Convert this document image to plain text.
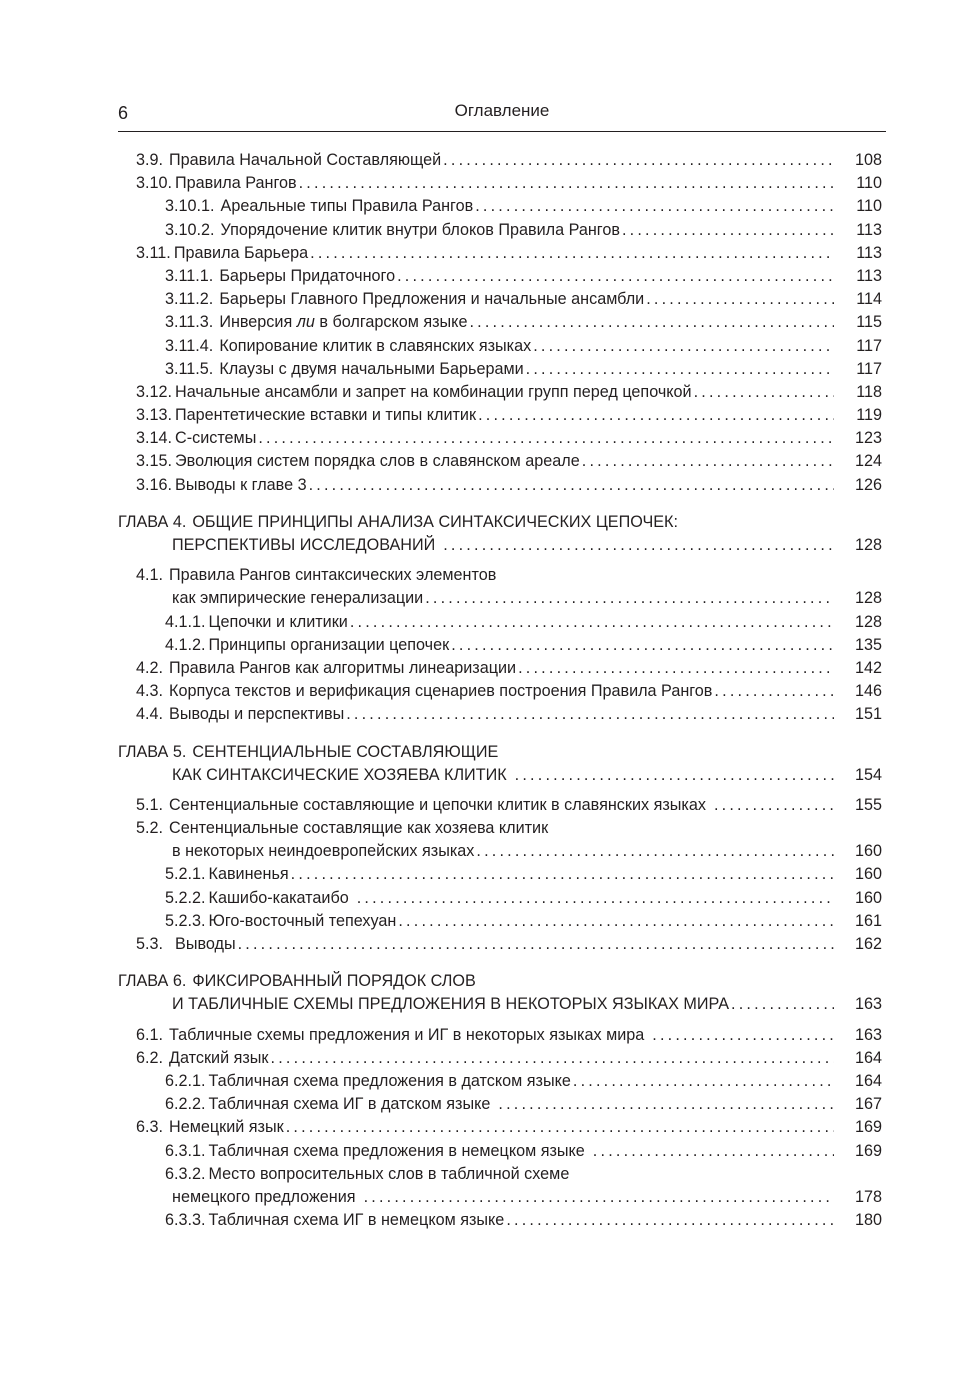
6	Оглавление
3.9. Правила Начальной Составляющей .....	108
3.10. Правила Рангов .....	110
3.10.1. Ареальные типы Правила Рангов .....	110
3.10.2. Упорядочение клитик внутри блоков Правила Рангов .....	113
3.11. Правила Барьера .....	113
3.11.1. Барьеры Придаточного .....	113
3.11.2. Барьеры Главного Предложения и начальные ансамбли .....	114
3.11.3. Инверсия ли в болгарском языке .....	115
3.11.4. Копирование клитик в славянских языках .....	117
3.11.5. Клаузы с двумя начальными Барьерами .....	117
3.12. Начальные ансамбли и запрет на комбинации групп перед цепочкой .....	118
3.13. Парентетические вставки и типы клитик .....	119
3.14. С-системы .....	123
3.15. Эволюция систем порядка слов в славянском ареале .....	124
3.16. Выводы к главе 3 .....	126
ГЛАВА 4. ОБЩИЕ ПРИНЦИПЫ АНАЛИЗА СИНТАКСИЧЕСКИХ ЦЕПОЧЕК:
ПЕРСПЕКТИВЫ ИССЛЕДОВАНИЙ .....	128
4.1. Правила Рангов синтаксических элементов
как эмпирические генерализации .....	128
4.1.1. Цепочки и клитики .....	128
4.1.2. Принципы организации цепочек .....	135
4.2. Правила Рангов как алгоритмы линеаризации .....	142
4.3. Корпуса текстов и верификация сценариев построения Правила Рангов .....	146
4.4. Выводы и перспективы .....	151
ГЛАВА 5. СЕНТЕНЦИАЛЬНЫЕ СОСТАВЛЯЮЩИЕ
КАК СИНТАКСИЧЕСКИЕ ХОЗЯЕВА КЛИТИК .....	154
5.1. Сентенциальные составляющие и цепочки клитик в славянских языках .....	155
5.2. Сентенциальные составлящие как хозяева клитик
в некоторых неиндоевропейских языках .....	160
5.2.1. Кавиненья .....	160
5.2.2. Кашибо-какатаибо .....	160
5.2.3. Юго-восточный тепехуан .....	161
5.3. Выводы .....	162
ГЛАВА 6. ФИКСИРОВАННЫЙ ПОРЯДОК СЛОВ
И ТАБЛИЧНЫЕ СХЕМЫ ПРЕДЛОЖЕНИЯ В НЕКОТОРЫХ ЯЗЫКАХ МИРА .....	163
6.1. Табличные схемы предложения и ИГ в некоторых языках мира .....	163
6.2. Датский язык .....	164
6.2.1. Табличная схема предложения в датском языке .....	164
6.2.2. Табличная схема ИГ в датском языке .....	167
6.3. Немецкий язык .....	169
6.3.1. Табличная схема предложения в немецком языке .....	169
6.3.2. Место вопросительных слов в табличной схеме
немецкого предложения .....	178
6.3.3. Табличная схема ИГ в немецком языке .....	180
